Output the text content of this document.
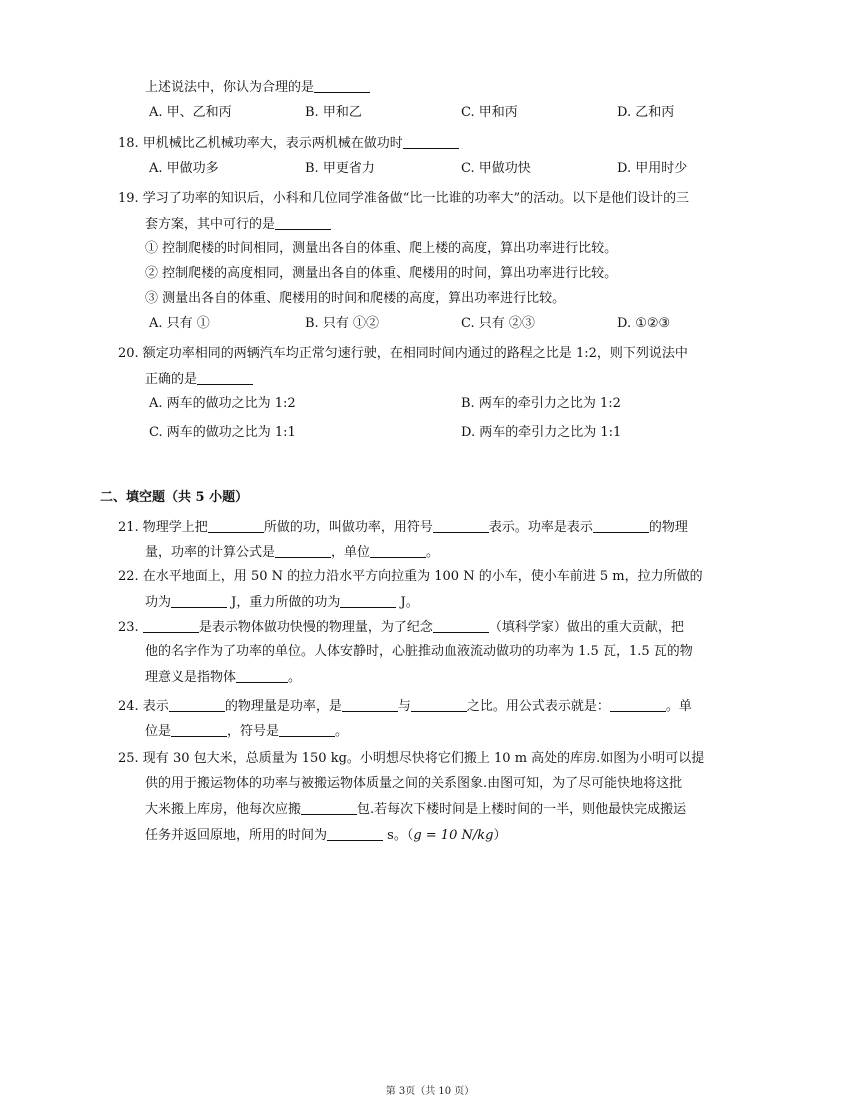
上述说法中，你认为合理的是
A. 甲、乙和丙	B. 甲和乙	C. 甲和丙	D. 乙和丙
18. 甲机械比乙机械功率大，表示两机械在做功时
A. 甲做功多	B. 甲更省力	C. 甲做功快	D. 甲用时少
19. 学习了功率的知识后，小科和几位同学准备做“比一比谁的功率大”的活动。以下是他们设计的三
套方案，其中可行的是
① 控制爬楼的时间相同，测量出各自的体重、爬上楼的高度，算出功率进行比较。
② 控制爬楼的高度相同，测量出各自的体重、爬楼用的时间，算出功率进行比较。
③ 测量出各自的体重、爬楼用的时间和爬楼的高度，算出功率进行比较。
A. 只有 ①	B. 只有 ①②	C. 只有 ②③	D. ①②③
20. 额定功率相同的两辆汽车均正常匀速行驶，在相同时间内通过的路程之比是 1:2，则下列说法中
正确的是
A. 两车的做功之比为 1:2	B. 两车的牵引力之比为 1:2
C. 两车的做功之比为 1:1	D. 两车的牵引力之比为 1:1
二、填空题（共 5 小题）
21. 物理学上把	所做的功，叫做功率，用符号	表示。功率是表示	的物理
量，功率的计算公式是	，单位	。
22. 在水平地面上，用 50 N 的拉力沿水平方向拉重为 100 N 的小车，使小车前进 5 m，拉力所做的
功为	J，重力所做的功为	J。
23.	是表示物体做功快慢的物理量，为了纪念	（填科学家）做出的重大贡献，把
他的名字作为了功率的单位。人体安静时，心脏推动血液流动做功的功率为 1.5 瓦，1.5 瓦的物
理意义是指物体	。
24. 表示	的物理量是功率，是	与	之比。用公式表示就是：	。单
位是	，符号是	。
25. 现有 30 包大米，总质量为 150 kg。小明想尽快将它们搬上 10 m 高处的库房.如图为小明可以提
供的用于搬运物体的功率与被搬运物体质量之间的关系图象.由图可知，为了尽可能快地将这批
大米搬上库房，他每次应搬	包.若每次下楼时间是上楼时间的一半，则他最快完成搬运
任务并返回原地，所用的时间为	s。（g = 10 N/kg）
第 3页（共 10 页）
